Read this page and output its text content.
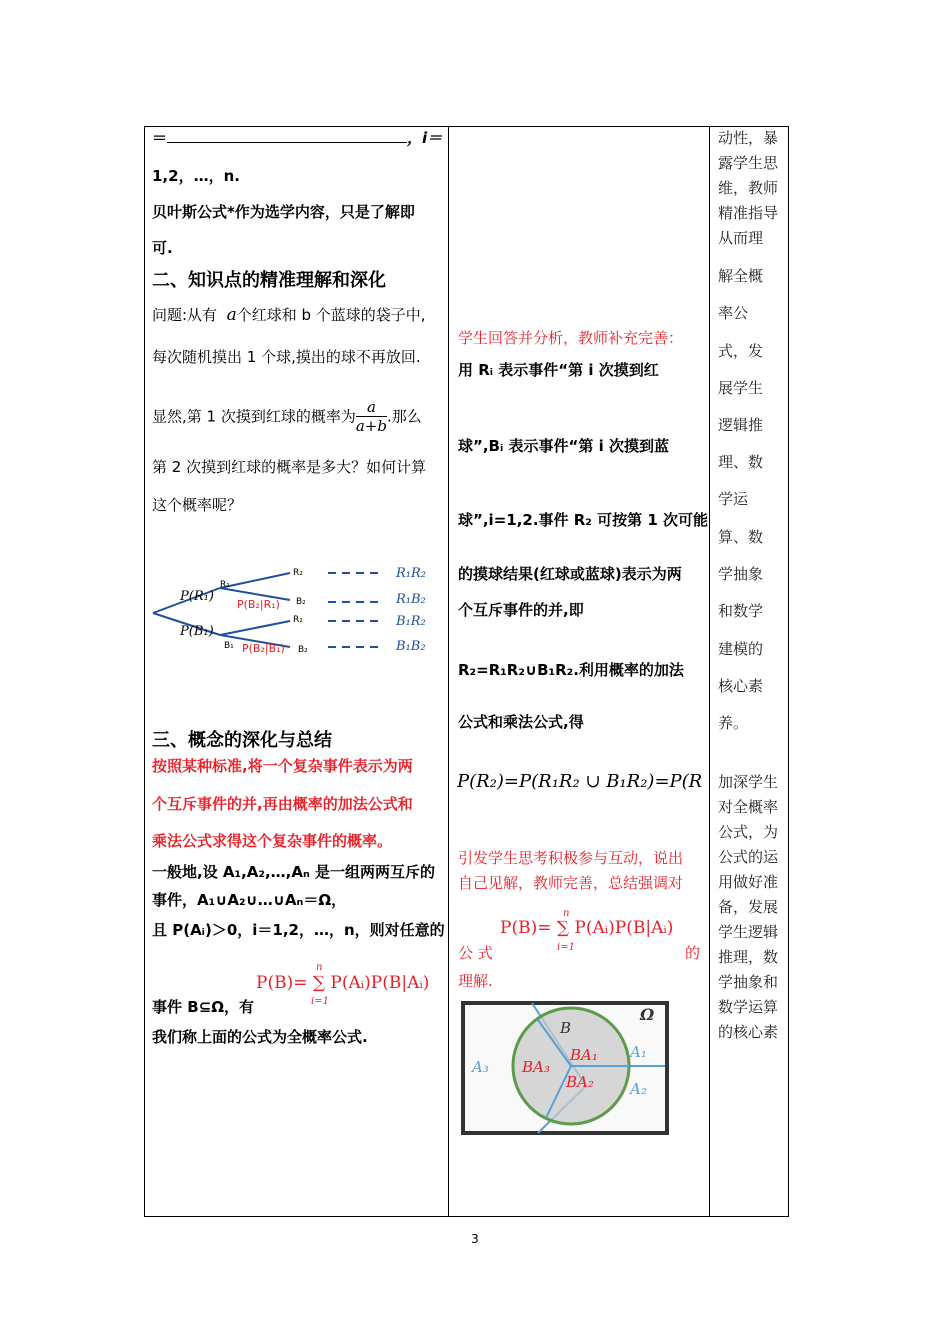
＝	，i＝
1,2，…，n.
贝叶斯公式*作为选学内容，只是了解即
可.
二、知识点的精准理解和深化
问题:从有 a个红球和 b 个蓝球的袋子中,
每次随机摸出 1 个球,摸出的球不再放回.
显然,第 1 次摸到红球的概率为 $\frac{a}{a+b}$ .那么
第 2 次摸到红球的概率是多大？如何计算
这个概率呢？
P(R₁)
P(B₁)
R₁
B₁
R₂
B₂
R₂
B₂
P(B₂|R₁)
P(B₂|B₁)
R₁R₂
R₁B₂
B₁R₂
B₁B₂
三、概念的深化与总结
按照某种标准,将一个复杂事件表示为两
个互斥事件的并,再由概率的加法公式和
乘法公式求得这个复杂事件的概率。
一般地,设 A₁,A₂,…,Aₙ 是一组两两互斥的
事件，A₁∪A₂∪…∪Aₙ＝Ω，
且 P(Aᵢ)＞0，i＝1,2，…，n，则对任意的
P(B)= ∑ P(Aᵢ)P(B|Aᵢ)
n
i=1
事件 B⊆Ω，有
我们称上面的公式为全概率公式.
学生回答并分析，教师补充完善：
用 Rᵢ 表示事件“第 i 次摸到红
球”,Bᵢ 表示事件“第 i 次摸到蓝
球”,i=1,2.事件 R₂ 可按第 1 次可能
的摸球结果(红球或蓝球)表示为两
个互斥事件的并,即
R₂=R₁R₂∪B₁R₂.利用概率的加法
公式和乘法公式,得
P(R₂)=P(R₁R₂ ∪ B₁R₂)=P(R
引发学生思考积极参与互动，说出
自己见解，教师完善，总结强调对
P(B)= ∑ P(Aᵢ)P(B|Aᵢ)
n
i=1
公 式	的
理解.
Ω
B
A₁
A₂
A₃
BA₁
BA₂
BA₃
动性，暴
露学生思
维，教师
精准指导
从而理
解全概
率公
式，发
展学生
逻辑推
理、数
学运
算、数
学抽象
和数学
建模的
核心素
养。
加深学生
对全概率
公式，为
公式的运
用做好准
备，发展
学生逻辑
推理，数
学抽象和
数学运算
的核心素
3
